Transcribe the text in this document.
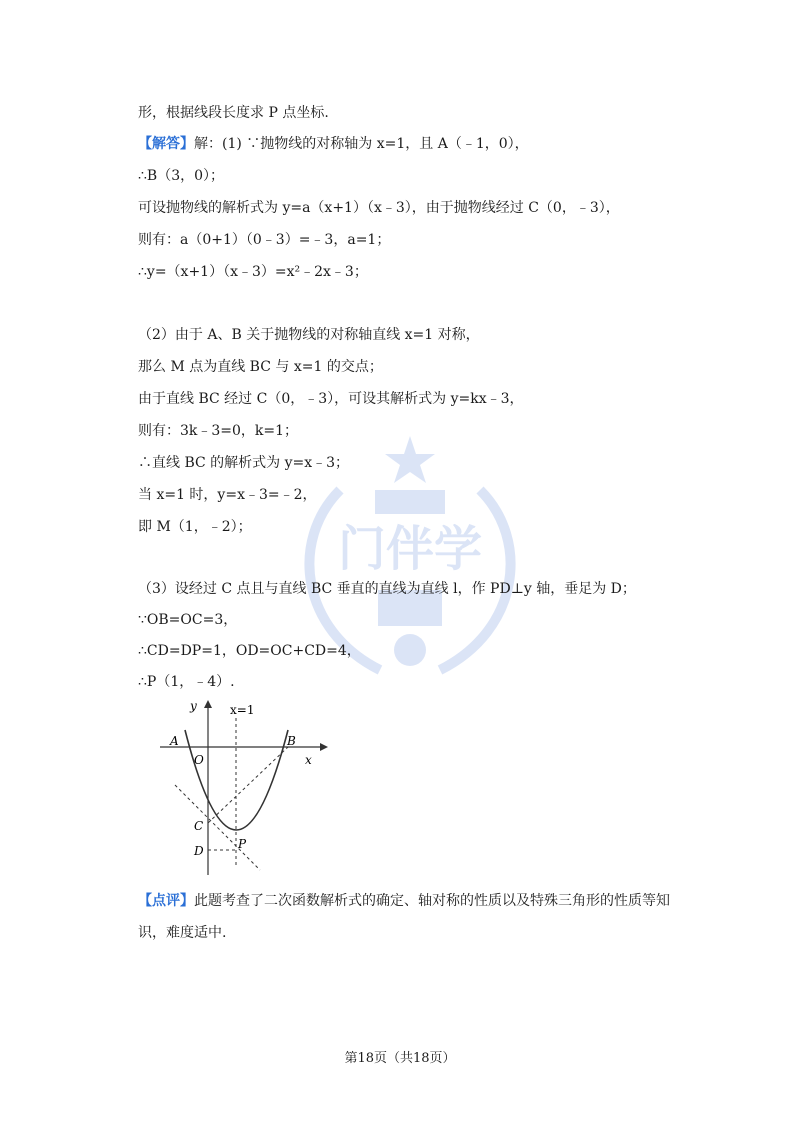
门伴学
形，根据线段长度求 P 点坐标.
【解答】解：(1) ∵抛物线的对称轴为 x=1，且 A（﹣1，0），
∴B（3，0）；
可设抛物线的解析式为 y=a（x+1）（x﹣3），由于抛物线经过 C（0，﹣3），
则有：a（0+1）（0﹣3）=﹣3，a=1；
∴y=（x+1）（x﹣3）=x²﹣2x﹣3；
（2）由于 A、B 关于抛物线的对称轴直线 x=1 对称，
那么 M 点为直线 BC 与 x=1 的交点；
由于直线 BC 经过 C（0，﹣3），可设其解析式为 y=kx﹣3，
则有：3k﹣3=0，k=1；
∴直线 BC 的解析式为 y=x﹣3；
当 x=1 时，y=x﹣3=﹣2，
即 M（1，﹣2）；
（3）设经过 C 点且与直线 BC 垂直的直线为直线 l，作 PD⊥y 轴，垂足为 D；
∵OB=OC=3，
∴CD=DP=1，OD=OC+CD=4，
∴P（1，﹣4）.
y
x
x=1
A	B
O
C
D	P
【点评】此题考查了二次函数解析式的确定、轴对称的性质以及特殊三角形的性质等知
识，难度适中.
第18页（共18页）
